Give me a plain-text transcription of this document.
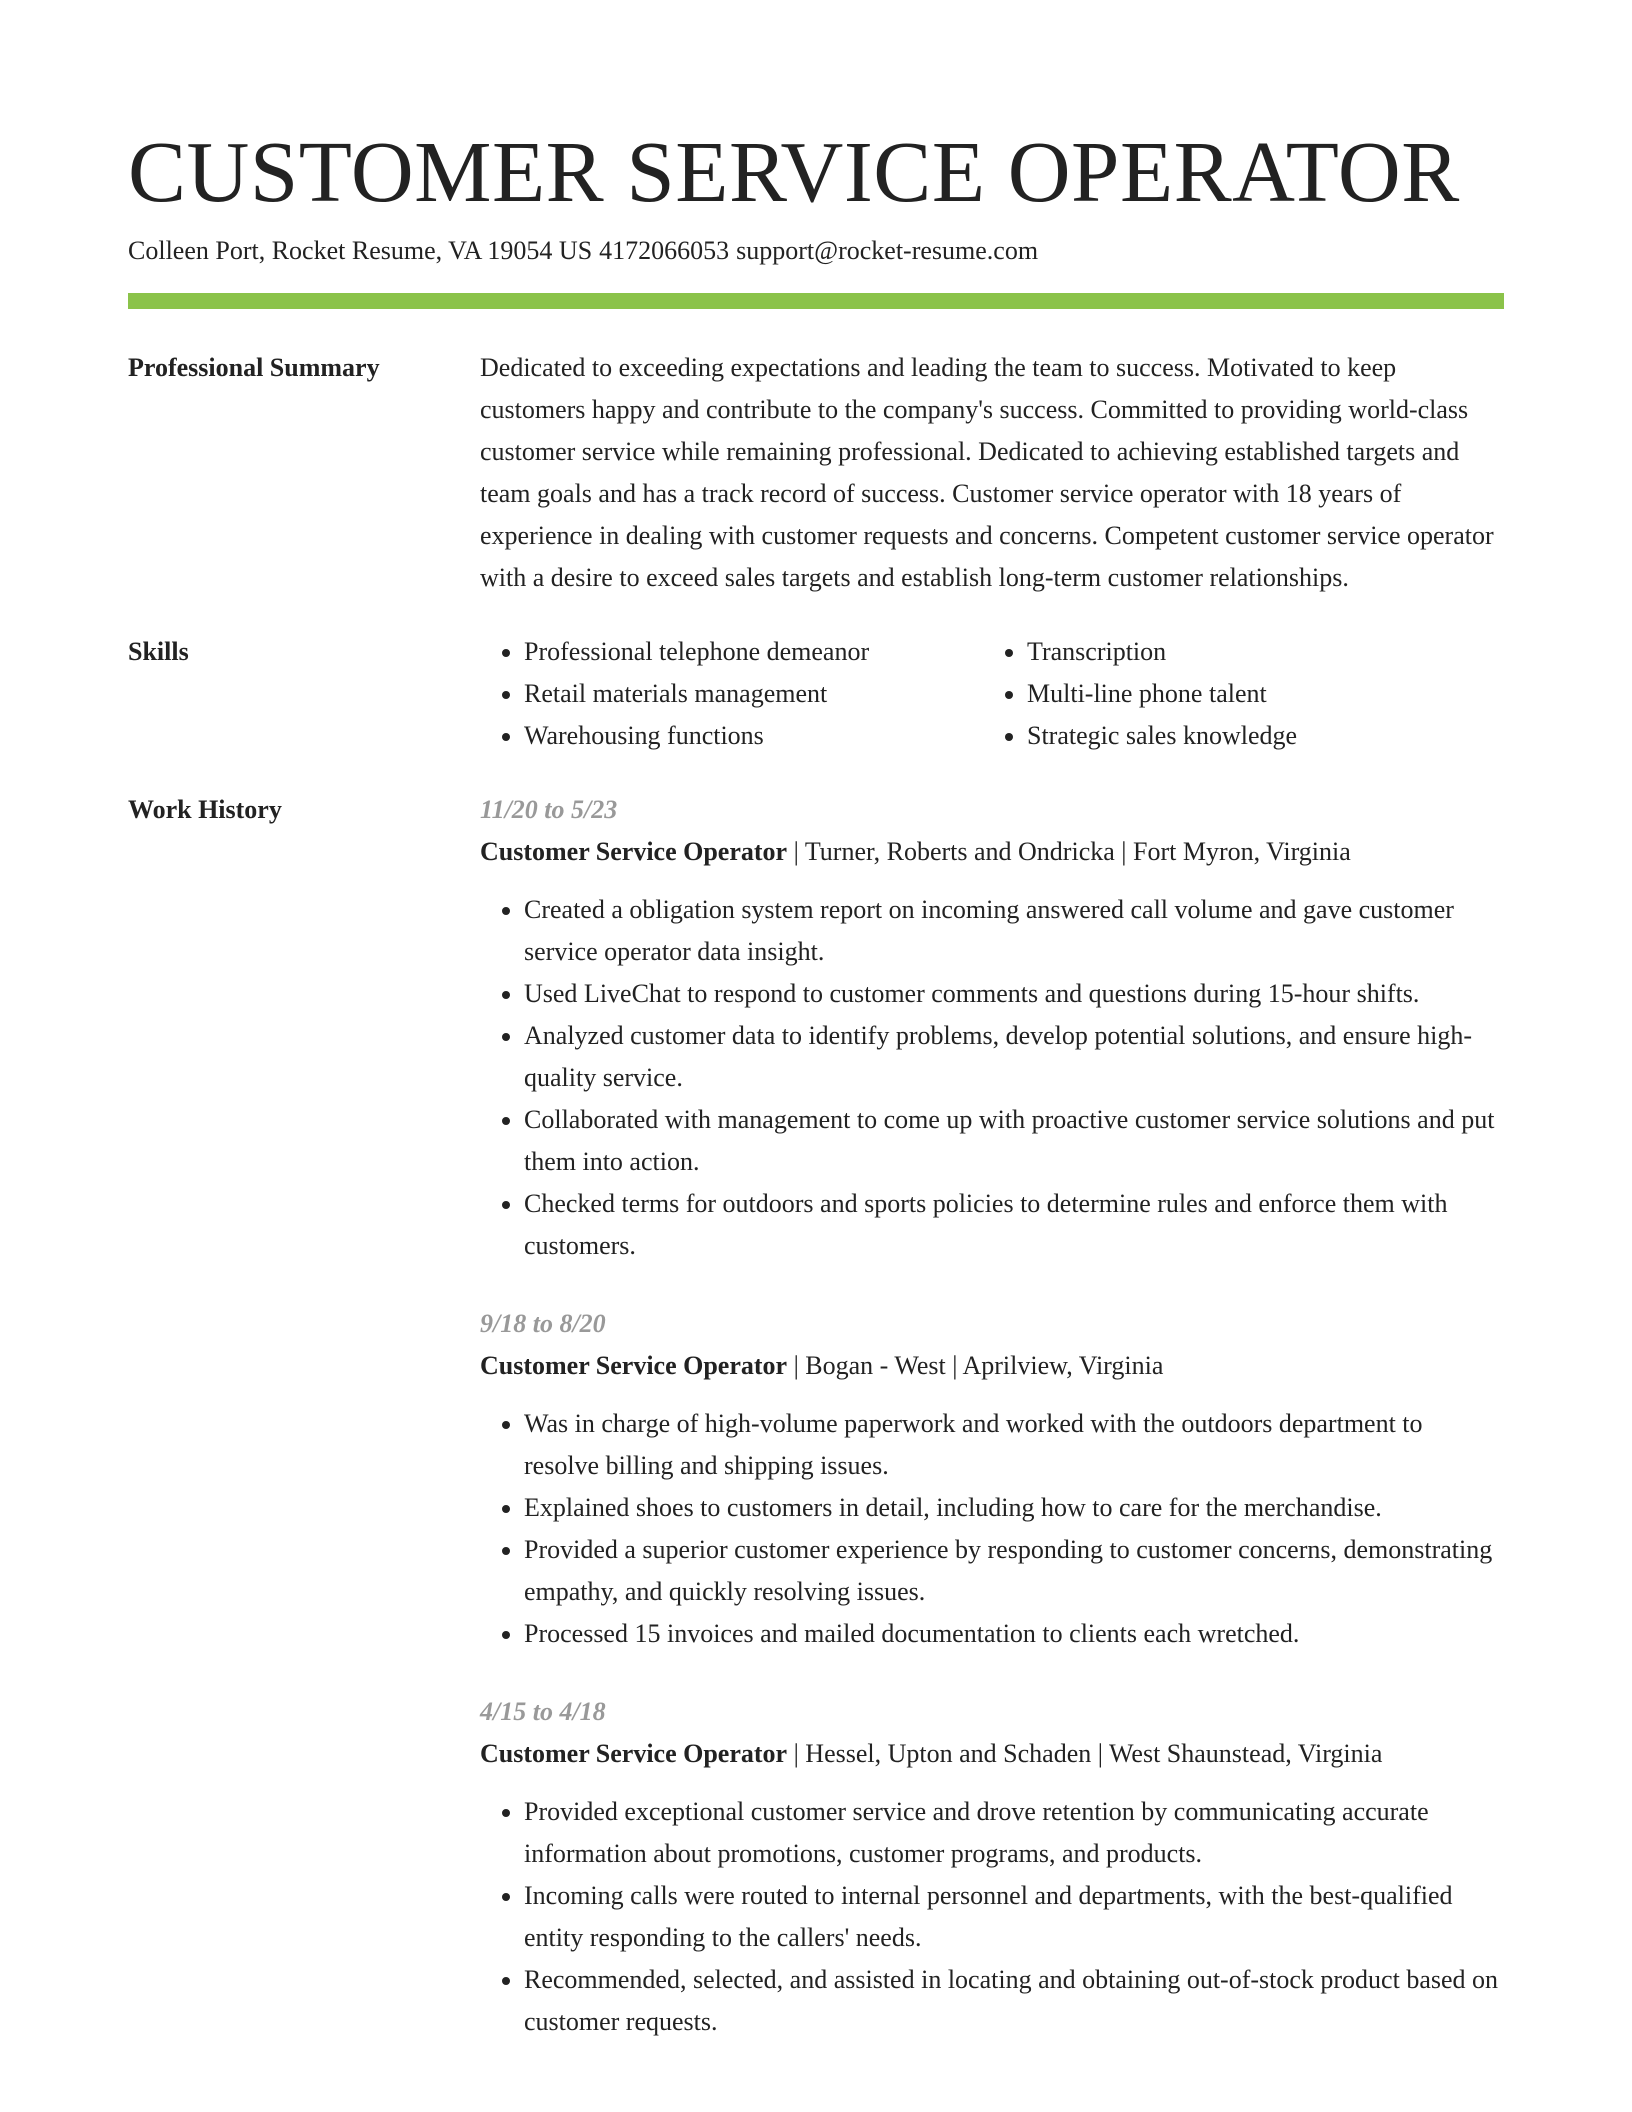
CUSTOMER SERVICE OPERATOR
Colleen Port, Rocket Resume, VA 19054 US 4172066053 support@rocket-resume.com
Professional Summary	Dedicated to exceeding expectations and leading the team to success. Motivated to keep customers happy and contribute to the company's success. Committed to providing world-class customer service while remaining professional. Dedicated to achieving established targets and team goals and has a track record of success. Customer service operator with 18 years of experience in dealing with customer requests and concerns. Competent customer service operator with a desire to exceed sales targets and establish long-term customer relationships.

Skills
•	Professional telephone demeanor
• Retail materials management
• Warehousing functions
• Transcription
• Multi-line phone talent
• Strategic sales knowledge
Work History	11/20 to 5/23
Customer Service Operator | Turner, Roberts and Ondricka | Fort Myron, Virginia
• Created a obligation system report on incoming answered call volume and gave customer service operator data insight.
• Used LiveChat to respond to customer comments and questions during 15-hour shifts.
• Analyzed customer data to identify problems, develop potential solutions, and ensure high-quality service.
• Collaborated with management to come up with proactive customer service solutions and put them into action.
• Checked terms for outdoors and sports policies to determine rules and enforce them with customers.
9/18 to 8/20
Customer Service Operator | Bogan - West | Aprilview, Virginia
• Was in charge of high-volume paperwork and worked with the outdoors department to resolve billing and shipping issues.
• Explained shoes to customers in detail, including how to care for the merchandise.
• Provided a superior customer experience by responding to customer concerns, demonstrating empathy, and quickly resolving issues.
• Processed 15 invoices and mailed documentation to clients each wretched.
4/15 to 4/18
Customer Service Operator | Hessel, Upton and Schaden | West Shaunstead, Virginia
• Provided exceptional customer service and drove retention by communicating accurate information about promotions, customer programs, and products.
• Incoming calls were routed to internal personnel and departments, with the best-qualified entity responding to the callers' needs.
• Recommended, selected, and assisted in locating and obtaining out-of-stock product based on customer requests.
